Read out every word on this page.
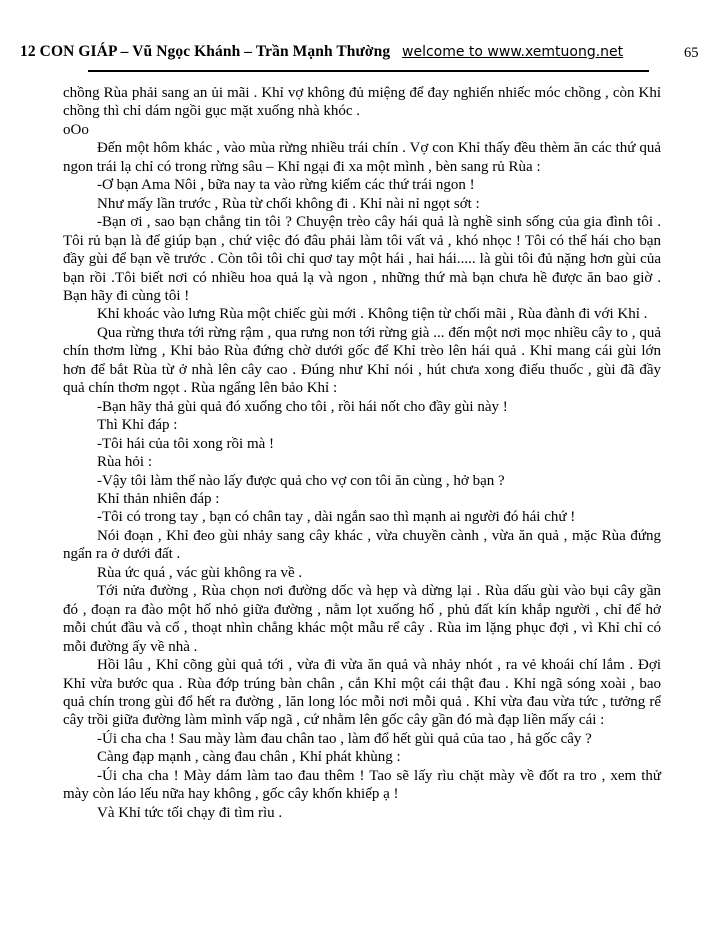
12 CON GIÁP – Vũ Ngọc Khánh – Trần Mạnh Thường welcome to www.xemtuong.net	65

chồng Rùa phải sang an ủi mãi . Khỉ vợ không đủ miệng để đay nghiến nhiếc móc chồng , còn Khỉ chồng thì chỉ dám ngồi gục mặt xuống nhà khóc .

oOo

Đến một hôm khác , vào mùa rừng nhiều trái chín . Vợ con Khỉ thấy đều thèm ăn các thứ quả ngon trái lạ chỉ có trong rừng sâu – Khỉ ngại đi xa một mình , bèn sang rủ Rùa :

-Ơ bạn Ama Nôi , bữa nay ta vào rừng kiếm các thứ trái ngon !

Như mấy lần trước , Rùa từ chối không đi . Khỉ nài nỉ ngọt sớt :

-Bạn ơi , sao bạn chẳng tin tôi ? Chuyện trèo cây hái quả là nghề sinh sống của gia đình tôi . Tôi rủ bạn là để giúp bạn , chứ việc đó đâu phải làm tôi vất vả , khó nhọc ! Tôi có thể hái cho bạn đầy gùi để bạn về trước . Còn tôi tôi chỉ quơ tay một hái , hai hái..... là gùi tôi đủ nặng hơn gùi của bạn rồi .Tôi biết nơi có nhiều hoa quả lạ và ngon , những thứ mà bạn chưa hề được ăn bao giờ . Bạn hãy đi cùng tôi !

Khỉ khoác vào lưng Rùa một chiếc gùi mới . Không tiện từ chối mãi , Rùa đành đi với Khỉ .

Qua rừng thưa tới rừng rậm , qua rưng non tới rừng già ... đến một nơi mọc nhiều cây to , quả chín thơm lừng , Khỉ bảo Rùa đứng chờ dưới gốc để Khỉ trèo lên hái quả . Khỉ mang cái gùi lớn hơn để bắt Rùa từ ở nhà lên cây cao . Đúng như Khỉ nói , hút chưa xong điếu thuốc , gùi đã đầy quả chín thơm ngọt . Rùa ngẩng lên bảo Khỉ :

-Bạn hãy thả gùi quả đó xuống cho tôi , rồi hái nốt cho đầy gùi này !

Thì Khỉ đáp :

-Tôi hái của tôi xong rồi mà !

Rùa hỏi :

-Vậy tôi làm thế nào lấy được quả cho vợ con tôi ăn cùng , hở bạn ?

Khỉ thản nhiên đáp :

-Tôi có trong tay , bạn có chân tay , dài ngắn sao thì mạnh ai người đó hái chứ !

Nói đoạn , Khỉ đeo gùi nhảy sang cây khác , vừa chuyền cành , vừa ăn quả , mặc Rùa đứng ngẩn ra ở dưới đất .

Rùa ức quá , vác gùi không ra về .

Tới nửa đường , Rùa chọn nơi đường dốc và hẹp và dừng lại . Rùa dấu gùi vào bụi cây gần đó , đoạn ra đào một hố nhỏ giữa đường , nằm lọt xuống hố , phủ đất kín khắp người , chỉ để hở mỗi chút đầu và cổ , thoạt nhìn chẳng khác một mẫu rể cây . Rùa im lặng phục đợi , vì Khỉ chỉ có mỗi đường ấy về nhà .

Hồi lâu , Khỉ cõng gùi quả tới , vừa đi vừa ăn quả và nhảy nhót , ra vẻ khoái chí lắm . Đợi Khỉ vừa bước qua . Rùa đớp trúng bàn chân , cắn Khỉ một cái thật đau . Khỉ ngã sóng xoài , bao quả chín trong gùi đổ hết ra đường , lăn long lóc mỗi nơi mỗi quả . Khỉ vừa đau vừa tức , tưởng rể cây trồi giữa đường làm mình vấp ngã , cứ nhằm lên gốc cây gần đó mà đạp liền mấy cái :

-Úi cha cha ! Sau mày làm đau chân tao , làm đổ hết gùi quả của tao , hả gốc cây ?

Càng đạp mạnh , càng đau chân , Khỉ phát khùng :

-Úi cha cha ! Mày dám làm tao đau thêm ! Tao sẽ lấy rìu chặt mày về đốt ra tro , xem thử mày còn láo lếu nữa hay không , gốc cây khốn khiếp ạ !

Và Khỉ tức tối chạy đi tìm rìu .
